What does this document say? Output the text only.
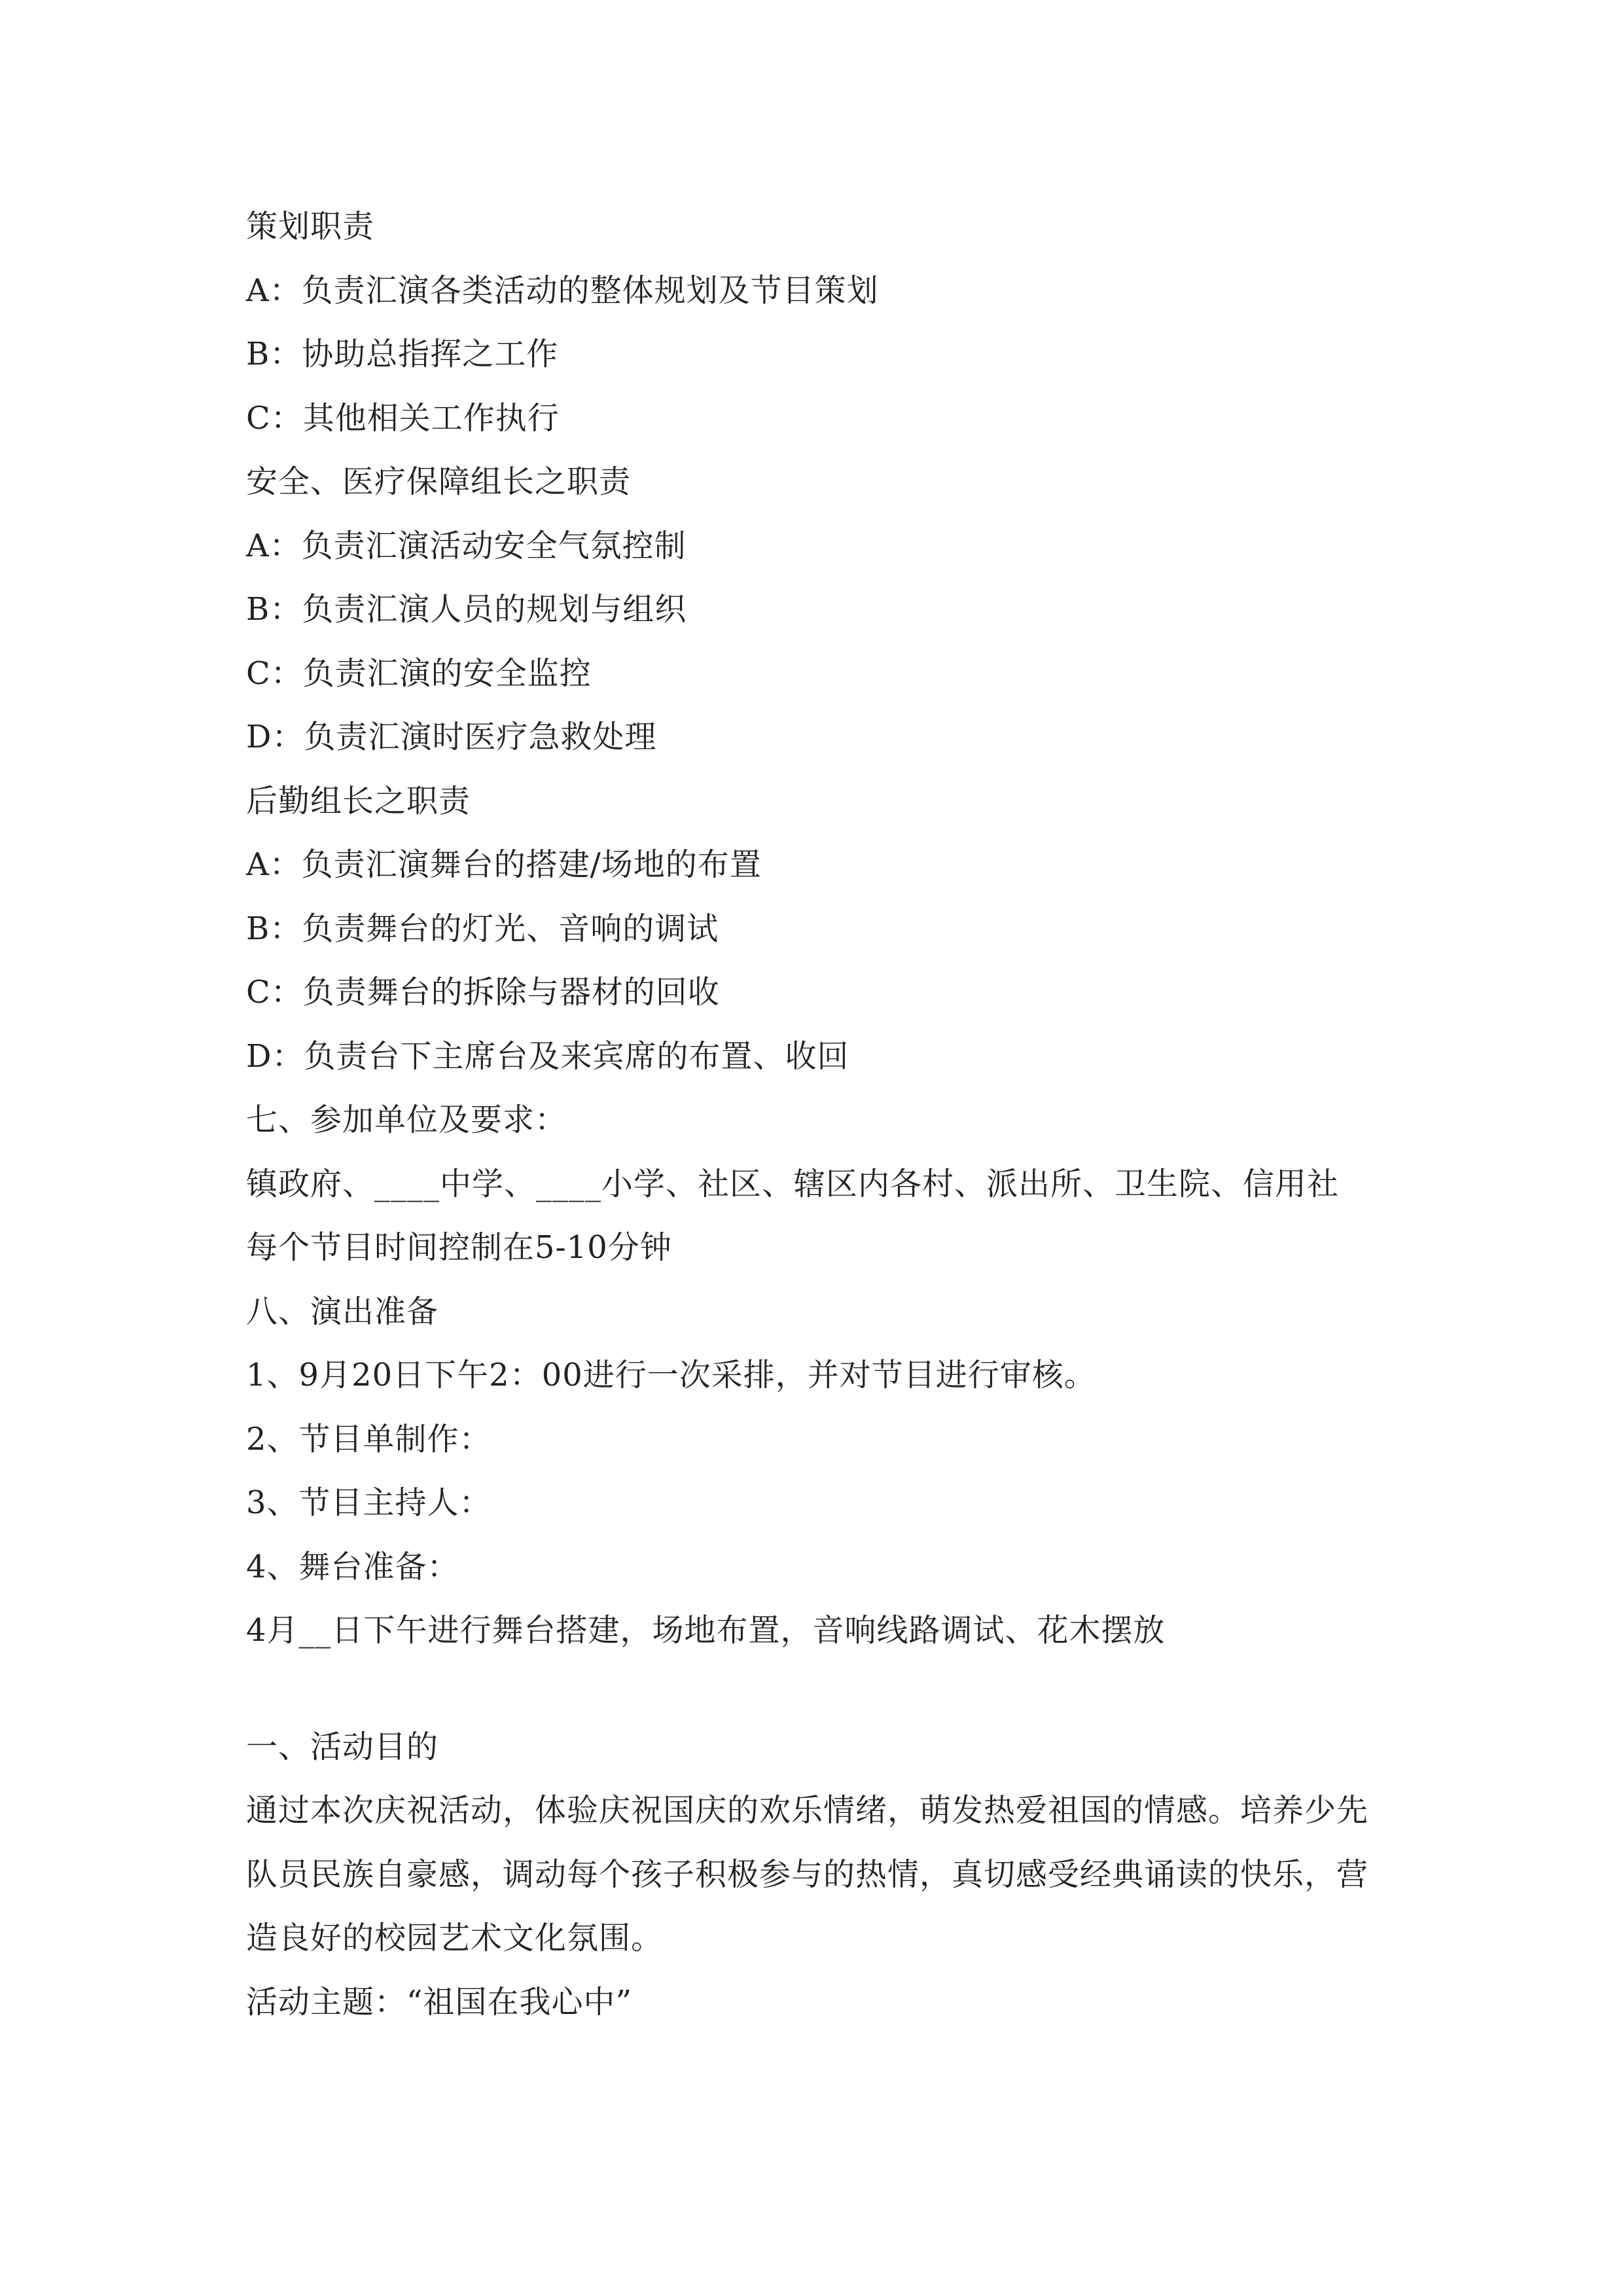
策划职责
A：负责汇演各类活动的整体规划及节目策划
B：协助总指挥之工作
C：其他相关工作执行
安全、医疗保障组长之职责
A：负责汇演活动安全气氛控制
B：负责汇演人员的规划与组织
C：负责汇演的安全监控
D：负责汇演时医疗急救处理
后勤组长之职责
A：负责汇演舞台的搭建/场地的布置
B：负责舞台的灯光、音响的调试
C：负责舞台的拆除与器材的回收
D：负责台下主席台及来宾席的布置、收回
七、参加单位及要求：
镇政府、____中学、____小学、社区、辖区内各村、派出所、卫生院、信用社
每个节目时间控制在5-10分钟
八、演出准备
1、9月20日下午2：00进行一次采排，并对节目进行审核。
2、节目单制作：
3、节目主持人：
4、舞台准备：
4月__日下午进行舞台搭建，场地布置，音响线路调试、花木摆放
一、活动目的
通过本次庆祝活动，体验庆祝国庆的欢乐情绪，萌发热爱祖国的情感。培养少先
队员民族自豪感，调动每个孩子积极参与的热情，真切感受经典诵读的快乐，营
造良好的校园艺术文化氛围。
活动主题：“祖国在我心中”
